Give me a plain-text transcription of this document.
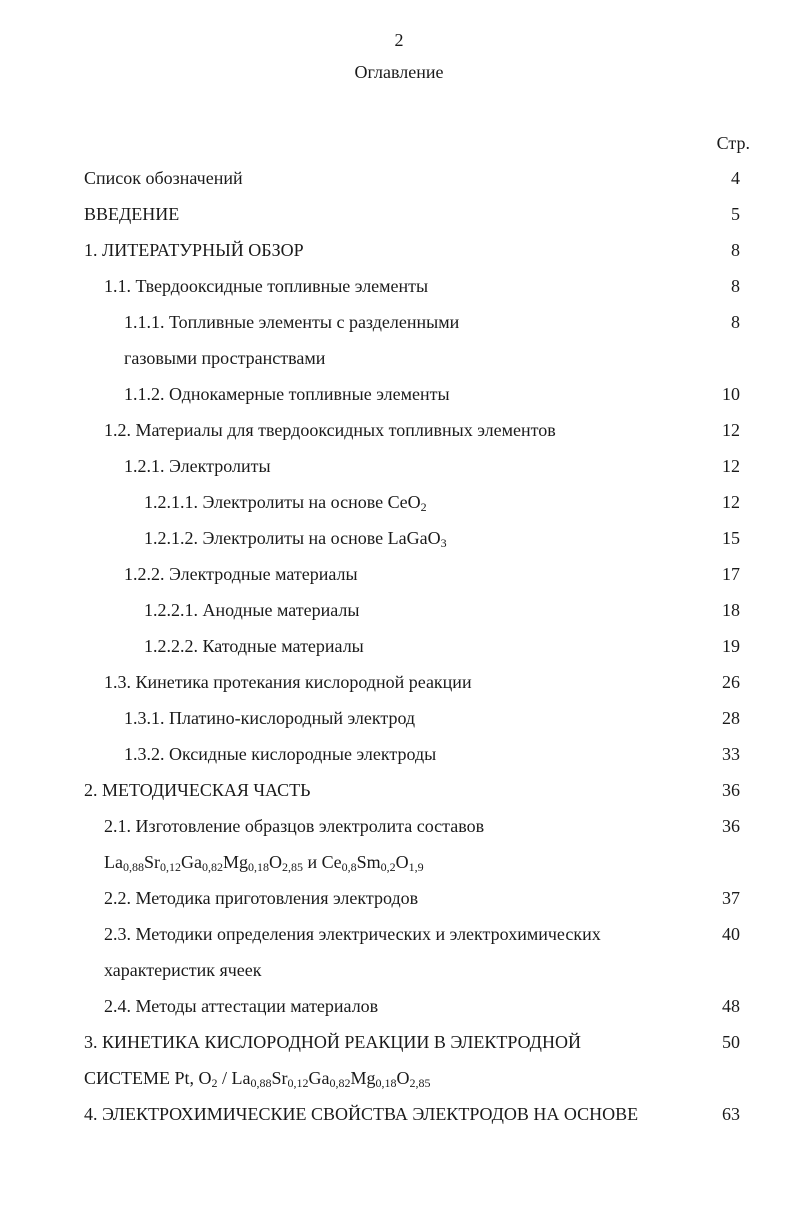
2
Оглавление
Стр.
Список обозначений	4
ВВЕДЕНИЕ	5
1. ЛИТЕРАТУРНЫЙ ОБЗОР	8
1.1. Твердооксидные топливные элементы	8
1.1.1. Топливные элементы с разделенными	8
газовыми пространствами
1.1.2. Однокамерные топливные элементы	10
1.2. Материалы для твердооксидных топливных элементов	12
1.2.1. Электролиты	12
1.2.1.1. Электролиты на основе CeO$_2$	12
1.2.1.2. Электролиты на основе LaGaO$_3$	15
1.2.2. Электродные материалы	17
1.2.2.1. Анодные материалы	18
1.2.2.2. Катодные материалы	19
1.3. Кинетика протекания кислородной реакции	26
1.3.1. Платино-кислородный электрод	28
1.3.2. Оксидные кислородные электроды	33
2. МЕТОДИЧЕСКАЯ ЧАСТЬ	36
2.1. Изготовление образцов электролита составов	36
$La_{0,88}Sr_{0,12}Ga_{0,82}Mg_{0,18}O_{2,85}$ и $Ce_{0,8}Sm_{0,2}O_{1,9}$
2.2. Методика приготовления электродов	37
2.3. Методики определения электрических и электрохимических	40
характеристик ячеек
2.4. Методы аттестации материалов	48
3. КИНЕТИКА КИСЛОРОДНОЙ РЕАКЦИИ В ЭЛЕКТРОДНОЙ	50
СИСТЕМЕ Pt, $O_2 / La_{0,88}Sr_{0,12}Ga_{0,82}Mg_{0,18}O_{2,85}$
4. ЭЛЕКТРОХИМИЧЕСКИЕ СВОЙСТВА ЭЛЕКТРОДОВ НА ОСНОВЕ	63
